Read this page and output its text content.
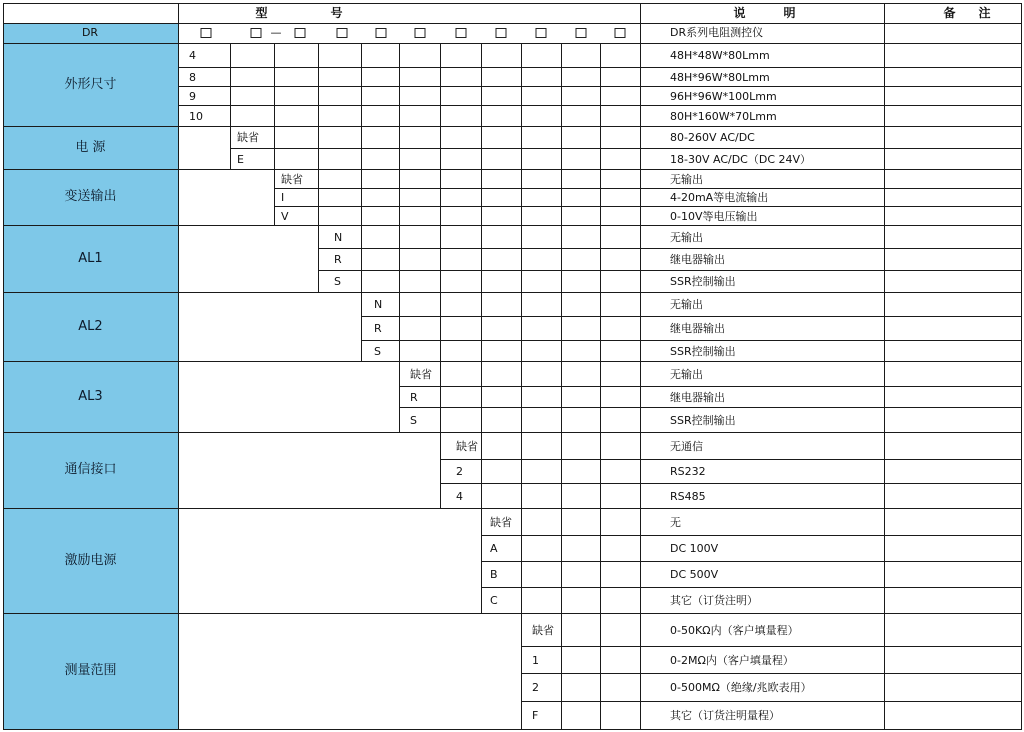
型	号	说	明	备 注
DR	—	DR系列电阻测控仪
外形尺寸
4	48H*48W*80Lmm
8	48H*96W*80Lmm
9	96H*96W*100Lmm
10	80H*160W*70Lmm
电 源
缺省	80-260V AC/DC
E	18-30V AC/DC（DC 24V）
变送输出
缺省	无输出
I	4-20mA等电流输出
V	0-10V等电压输出
AL1
N	无输出
R	继电器输出
S	SSR控制输出
AL2
N	无输出
R	继电器输出
S	SSR控制输出
AL3
缺省	无输出
R	继电器输出
S	SSR控制输出
通信接口
缺省	无通信
2	RS232
4	RS485
激励电源
缺省	无
A	DC 100V
B	DC 500V
C	其它（订货注明）
测量范围
缺省	0-50KΩ内（客户填量程）
1	0-2MΩ内（客户填量程）
2	0-500MΩ（绝缘/兆欧表用）
F	其它（订货注明量程）
